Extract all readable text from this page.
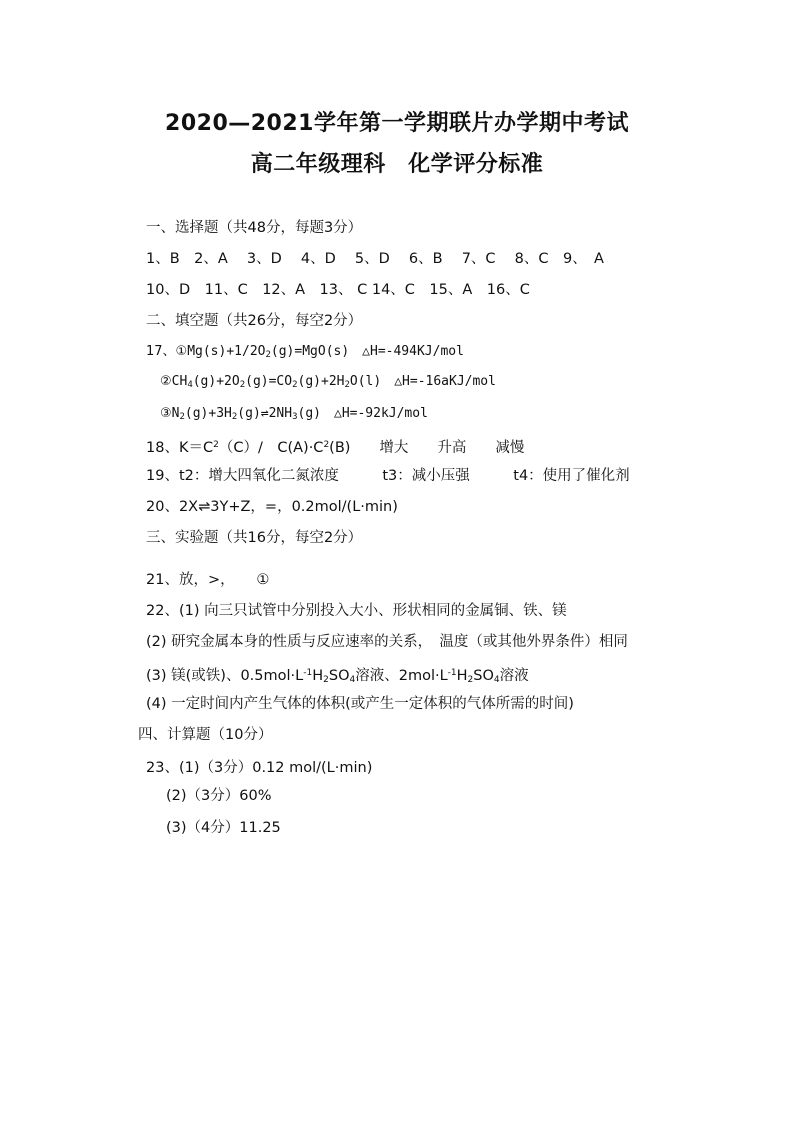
2020—2021学年第一学期联片办学期中考试
高二年级理科　化学评分标准
一、选择题（共48分，每题3分）
1、B　2、A　 3、D　 4、D　 5、D　 6、B　 7、C　 8、C　9、　A
10、D　11、C　12、A　13、 C 14、C　15、A　16、C
二、填空题（共26分，每空2分）
17、$①Mg(s)+1/2O_2(g)=MgO(s)$　△H=-494KJ/mol
$②CH_4(g)+2O_2(g)=CO_2(g)+2H_2O(l)$　△H=-16aKJ/mol
$③N_2(g)+3H_2(g)\rightleftharpoons 2NH_3(g)$　△H=-92kJ/mol
18、$K=C^2(C)/$　$C(A)\cdot C^2(B)$　　增大　　升高　　减慢
19、t2：增大四氧化二氮浓度　　　t3：减小压强　　　t4：使用了催化剂
20、2X⇌3Y+Z，=，0.2mol/(L·min)
三、实验题（共16分，每空2分）
21、放，>，　　①
22、(1) 向三只试管中分别投入大小、形状相同的金属铜、铁、镁
(2) 研究金属本身的性质与反应速率的关系，　温度（或其他外界条件）相同
(3) 镁(或铁)、$0.5mol\cdot L^{-1}H_2SO_4$溶液、$2mol\cdot L^{-1}H_2SO_4$溶液
(4) 一定时间内产生气体的体积(或产生一定体积的气体所需的时间)
四、计算题（10分）
23、(1)（3分）0.12 mol/(L·min)
(2)（3分）60%
(3)（4分）11.25
